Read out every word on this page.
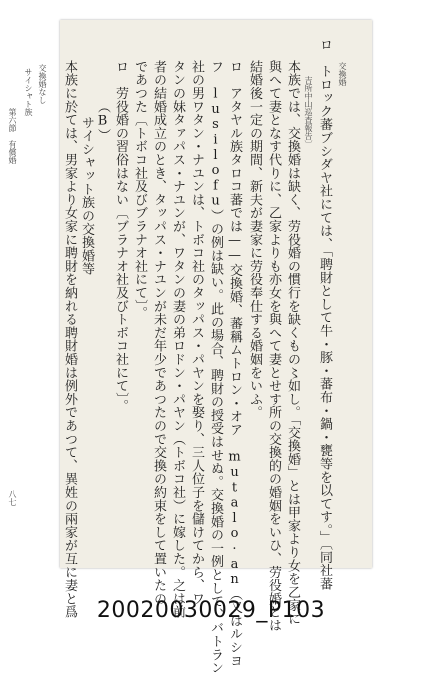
交換婚
ロ　トロック蕃ブシダヤ社にては、「聘財として牛・豚・蕃布・鍋・甕等を以てす。」〔同社蕃
　　吉所中山巡査報告〕
本族では、交換婚は缺く、劳役婚の慣行を缺くもの〻如し。「交換婚」とは甲家より女を乙家に
與へて妻となす代りに、乙家よりも亦女を與へて妻とせす所の交換的の婚姻をいひ、劳役婚とは
結婚後一定の期間、新夫が妻家に劳役奉仕する婚姻をいふ。
ロ　アタヤル族タロコ蕃では——交換婚、蕃稱ムトロン・オア　mutalo·an（又はルシヨ
フ　lusilofu）の例は缺い。此の場合、聘財の授受はせぬ。交換婚の一例として、バトラン
社の男ワタン・ナユンは、トボコ社のタッパス・パヤンを娶り、三人位子を儲けてから、ワ
タンの妹タァパス・ナユンが、ワタンの妻の弟ロドン・パヤン（トボコ社）に嫁した。之は前
者の結婚成立のとき、タッパス・ナユンが未だ年少であつたので交換の約束をして置いたの
であつた〔トボコ社及びブラナオ社にて〕。
ロ　劳役婚の習俗はない〔ブラナオ社及びトボコ社にて〕。
（B）
サイシャット族の交換婚等
本族に於ては、男家より女家に聘財を納れる聘財婚は例外であつて、異姓の兩家が互に妻と爲
サイシャト族 交換婚なし
第六節　有償婚
八七
20020030029_P103
